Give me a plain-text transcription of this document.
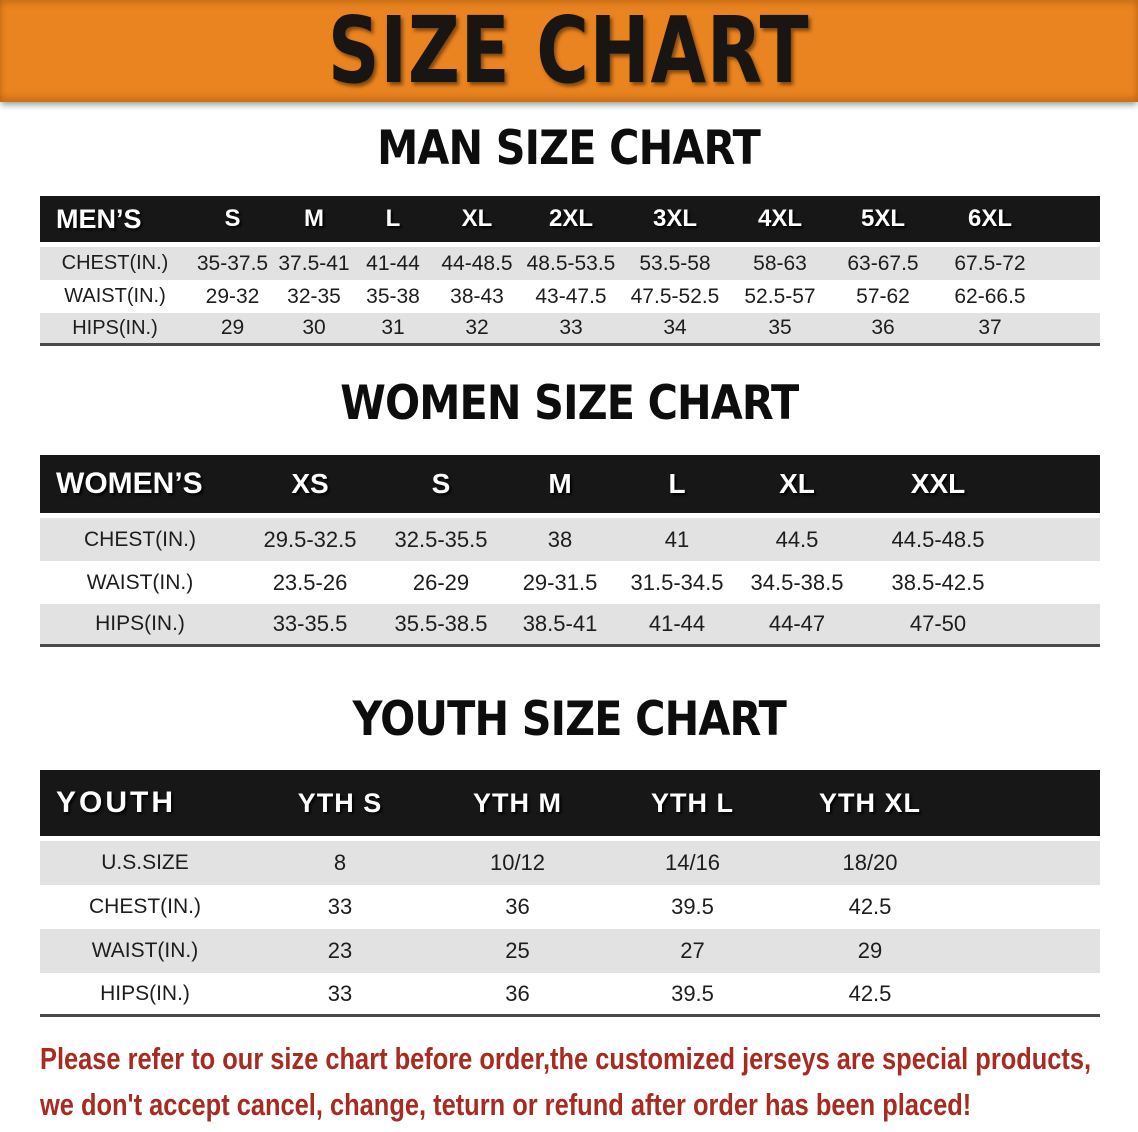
SIZE CHART
MAN SIZE CHART
MEN’S	S	M	L	XL	2XL	3XL	4XL	5XL	6XL	

CHEST(IN.)	35-37.5	37.5-41	41-44	44-48.5	48.5-53.5	53.5-58	58-63	63-67.5	67.5-72	
WAIST(IN.)	29-32	32-35	35-38	38-43	43-47.5	47.5-52.5	52.5-57	57-62	62-66.5	
HIPS(IN.)	29	30	31	32	33	34	35	36	37	
WOMEN SIZE CHART
WOMEN’S	XS	S	M	L	XL	XXL	

CHEST(IN.)	29.5-32.5	32.5-35.5	38	41	44.5	44.5-48.5	
WAIST(IN.)	23.5-26	26-29	29-31.5	31.5-34.5	34.5-38.5	38.5-42.5	
HIPS(IN.)	33-35.5	35.5-38.5	38.5-41	41-44	44-47	47-50	
YOUTH SIZE CHART
YOUTH	YTH S	YTH M	YTH L	YTH XL	

U.S.SIZE	8	10/12	14/16	18/20	
CHEST(IN.)	33	36	39.5	42.5	
WAIST(IN.)	23	25	27	29	
HIPS(IN.)	33	36	39.5	42.5	
Please refer to our size chart before order,the customized jerseys are special products,
we don't accept cancel, change, teturn or refund after order has been placed!
